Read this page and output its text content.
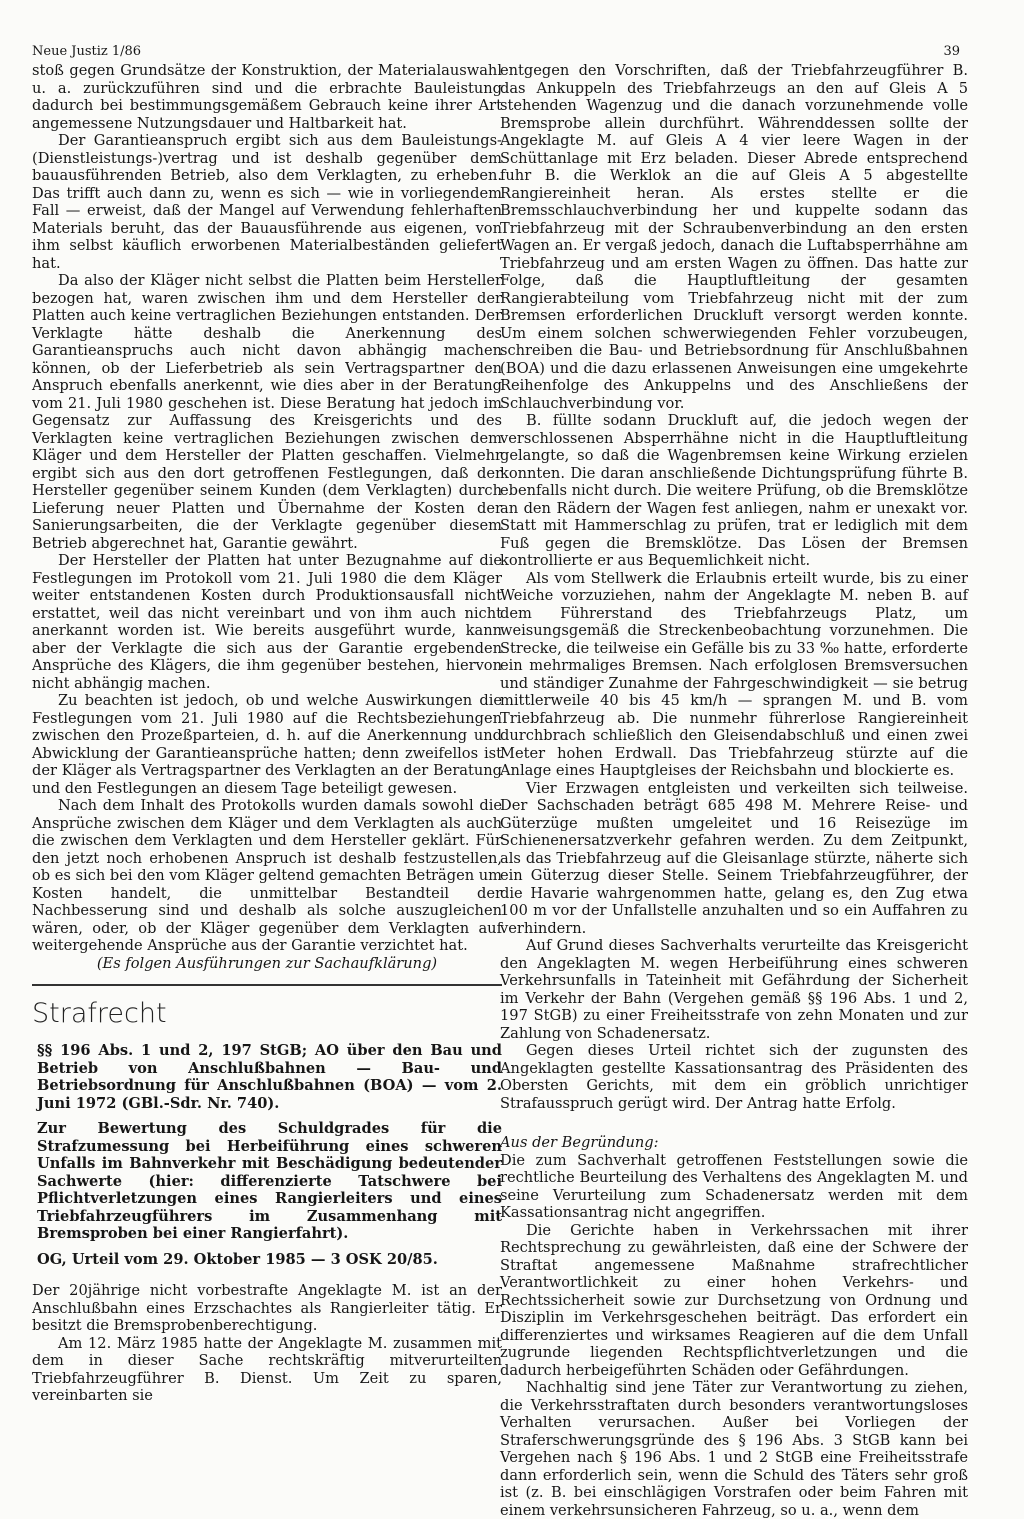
Neue Justiz 1/86	39

stoß gegen Grundsätze der Konstruktion, der Materialauswahl u. a. zurückzuführen sind und die erbrachte Bauleistung dadurch bei bestimmungsgemäßem Gebrauch keine ihrer Art angemessene Nutzungsdauer und Haltbarkeit hat.

Der Garantieanspruch ergibt sich aus dem Bauleistungs-(Dienstleistungs-)vertrag und ist deshalb gegenüber dem bauausführenden Betrieb, also dem Verklagten, zu erheben. Das trifft auch dann zu, wenn es sich — wie in vorliegendem Fall — erweist, daß der Mangel auf Verwendung fehlerhaften Materials beruht, das der Bauausführende aus eigenen, von ihm selbst käuflich erworbenen Materialbeständen geliefert hat.

Da also der Kläger nicht selbst die Platten beim Hersteller bezogen hat, waren zwischen ihm und dem Hersteller der Platten auch keine vertraglichen Beziehungen entstanden. Der Verklagte hätte deshalb die Anerkennung des Garantieanspruchs auch nicht davon abhängig machen können, ob der Lieferbetrieb als sein Vertragspartner den Anspruch ebenfalls anerkennt, wie dies aber in der Beratung vom 21. Juli 1980 geschehen ist. Diese Beratung hat jedoch im Gegensatz zur Auffassung des Kreisgerichts und des Verklagten keine vertraglichen Beziehungen zwischen dem Kläger und dem Hersteller der Platten geschaffen. Vielmehr ergibt sich aus den dort getroffenen Festlegungen, daß der Hersteller gegenüber seinem Kunden (dem Verklagten) durch Lieferung neuer Platten und Übernahme der Kosten der Sanierungsarbeiten, die der Verklagte gegenüber diesem Betrieb abgerechnet hat, Garantie gewährt.

Der Hersteller der Platten hat unter Bezugnahme auf die Festlegungen im Protokoll vom 21. Juli 1980 die dem Kläger weiter entstandenen Kosten durch Produktionsausfall nicht erstattet, weil das nicht vereinbart und von ihm auch nicht anerkannt worden ist. Wie bereits ausgeführt wurde, kann aber der Verklagte die sich aus der Garantie ergebenden Ansprüche des Klägers, die ihm gegenüber bestehen, hiervon nicht abhängig machen.

Zu beachten ist jedoch, ob und welche Auswirkungen die Festlegungen vom 21. Juli 1980 auf die Rechtsbeziehungen zwischen den Prozeßparteien, d. h. auf die Anerkennung und Abwicklung der Garantieansprüche hatten; denn zweifellos ist der Kläger als Vertragspartner des Verklagten an der Beratung und den Festlegungen an diesem Tage beteiligt gewesen.

Nach dem Inhalt des Protokolls wurden damals sowohl die Ansprüche zwischen dem Kläger und dem Verklagten als auch die zwischen dem Verklagten und dem Hersteller geklärt. Für den jetzt noch erhobenen Anspruch ist deshalb festzustellen, ob es sich bei den vom Kläger geltend gemachten Beträgen um Kosten handelt, die unmittelbar Bestandteil der Nachbesserung sind und deshalb als solche auszugleichen wären, oder, ob der Kläger gegenüber dem Verklagten auf weitergehende Ansprüche aus der Garantie verzichtet hat.

(Es folgen Ausführungen zur Sachaufklärung)

Strafrecht

§§ 196 Abs. 1 und 2, 197 StGB; AO über den Bau und Betrieb von Anschlußbahnen — Bau- und Betriebsordnung für Anschlußbahnen (BOA) — vom 2. Juni 1972 (GBl.-Sdr. Nr. 740).

Zur Bewertung des Schuldgrades für die Strafzumessung bei Herbeiführung eines schweren Unfalls im Bahnverkehr mit Beschädigung bedeutender Sachwerte (hier: differenzierte Tatschwere bei Pflichtverletzungen eines Rangierleiters und eines Triebfahrzeugführers im Zusammenhang mit Bremsproben bei einer Rangierfahrt).

OG, Urteil vom 29. Oktober 1985 — 3 OSK 20/85.

Der 20jährige nicht vorbestrafte Angeklagte M. ist an der Anschlußbahn eines Erzschachtes als Rangierleiter tätig. Er besitzt die Bremsprobenberechtigung.

Am 12. März 1985 hatte der Angeklagte M. zusammen mit dem in dieser Sache rechtskräftig mitverurteilten Triebfahrzeugführer B. Dienst. Um Zeit zu sparen, vereinbarten sie

entgegen den Vorschriften, daß der Triebfahrzeugführer B. das Ankuppeln des Triebfahrzeugs an den auf Gleis A 5 stehenden Wagenzug und die danach vorzunehmende volle Bremsprobe allein durchführt. Währenddessen sollte der Angeklagte M. auf Gleis A 4 vier leere Wagen in der Schüttanlage mit Erz beladen. Dieser Abrede entsprechend fuhr B. die Werklok an die auf Gleis A 5 abgestellte Rangiereinheit heran. Als erstes stellte er die Bremsschlauchverbindung her und kuppelte sodann das Triebfahrzeug mit der Schraubenverbindung an den ersten Wagen an. Er vergaß jedoch, danach die Luftabsperrhähne am Triebfahrzeug und am ersten Wagen zu öffnen. Das hatte zur Folge, daß die Hauptluftleitung der gesamten Rangierabteilung vom Triebfahrzeug nicht mit der zum Bremsen erforderlichen Druckluft versorgt werden konnte. Um einem solchen schwerwiegenden Fehler vorzubeugen, schreiben die Bau- und Betriebsordnung für Anschlußbahnen (BOA) und die dazu erlassenen Anweisungen eine umgekehrte Reihenfolge des Ankuppelns und des Anschließens der Schlauchverbindung vor.

B. füllte sodann Druckluft auf, die jedoch wegen der verschlossenen Absperrhähne nicht in die Hauptluftleitung gelangte, so daß die Wagenbremsen keine Wirkung erzielen konnten. Die daran anschließende Dichtungsprüfung führte B. ebenfalls nicht durch. Die weitere Prüfung, ob die Bremsklötze an den Rädern der Wagen fest anliegen, nahm er unexakt vor. Statt mit Hammerschlag zu prüfen, trat er lediglich mit dem Fuß gegen die Bremsklötze. Das Lösen der Bremsen kontrollierte er aus Bequemlichkeit nicht.

Als vom Stellwerk die Erlaubnis erteilt wurde, bis zu einer Weiche vorzuziehen, nahm der Angeklagte M. neben B. auf dem Führerstand des Triebfahrzeugs Platz, um weisungsgemäß die Streckenbeobachtung vorzunehmen. Die Strecke, die teilweise ein Gefälle bis zu 33 ‰ hatte, erforderte ein mehrmaliges Bremsen. Nach erfolglosen Bremsversuchen und ständiger Zunahme der Fahrgeschwindigkeit — sie betrug mittlerweile 40 bis 45 km/h — sprangen M. und B. vom Triebfahrzeug ab. Die nunmehr führerlose Rangiereinheit durchbrach schließlich den Gleisendabschluß und einen zwei Meter hohen Erdwall. Das Triebfahrzeug stürzte auf die Anlage eines Hauptgleises der Reichsbahn und blockierte es.

Vier Erzwagen entgleisten und verkeilten sich teilweise. Der Sachschaden beträgt 685 498 M. Mehrere Reise- und Güterzüge mußten umgeleitet und 16 Reisezüge im Schienenersatzverkehr gefahren werden. Zu dem Zeitpunkt, als das Triebfahrzeug auf die Gleisanlage stürzte, näherte sich ein Güterzug dieser Stelle. Seinem Triebfahrzeugführer, der die Havarie wahrgenommen hatte, gelang es, den Zug etwa 100 m vor der Unfallstelle anzuhalten und so ein Auffahren zu verhindern.

Auf Grund dieses Sachverhalts verurteilte das Kreisgericht den Angeklagten M. wegen Herbeiführung eines schweren Verkehrsunfalls in Tateinheit mit Gefährdung der Sicherheit im Verkehr der Bahn (Vergehen gemäß §§ 196 Abs. 1 und 2, 197 StGB) zu einer Freiheitsstrafe von zehn Monaten und zur Zahlung von Schadenersatz.

Gegen dieses Urteil richtet sich der zugunsten des Angeklagten gestellte Kassationsantrag des Präsidenten des Obersten Gerichts, mit dem ein gröblich unrichtiger Strafausspruch gerügt wird. Der Antrag hatte Erfolg.

Aus der Begründung:

Die zum Sachverhalt getroffenen Feststellungen sowie die rechtliche Beurteilung des Verhaltens des Angeklagten M. und seine Verurteilung zum Schadenersatz werden mit dem Kassationsantrag nicht angegriffen.

Die Gerichte haben in Verkehrssachen mit ihrer Rechtsprechung zu gewährleisten, daß eine der Schwere der Straftat angemessene Maßnahme strafrechtlicher Verantwortlichkeit zu einer hohen Verkehrs- und Rechtssicherheit sowie zur Durchsetzung von Ordnung und Disziplin im Verkehrsgeschehen beiträgt. Das erfordert ein differenziertes und wirksames Reagieren auf die dem Unfall zugrunde liegenden Rechtspflichtverletzungen und die dadurch herbeigeführten Schäden oder Gefährdungen.

Nachhaltig sind jene Täter zur Verantwortung zu ziehen, die Verkehrsstraftaten durch besonders verantwortungsloses Verhalten verursachen. Außer bei Vorliegen der Straferschwerungsgründe des § 196 Abs. 3 StGB kann bei Vergehen nach § 196 Abs. 1 und 2 StGB eine Freiheitsstrafe dann erforderlich sein, wenn die Schuld des Täters sehr groß ist (z. B. bei einschlägigen Vorstrafen oder beim Fahren mit einem verkehrsunsicheren Fahrzeug, so u. a., wenn dem
